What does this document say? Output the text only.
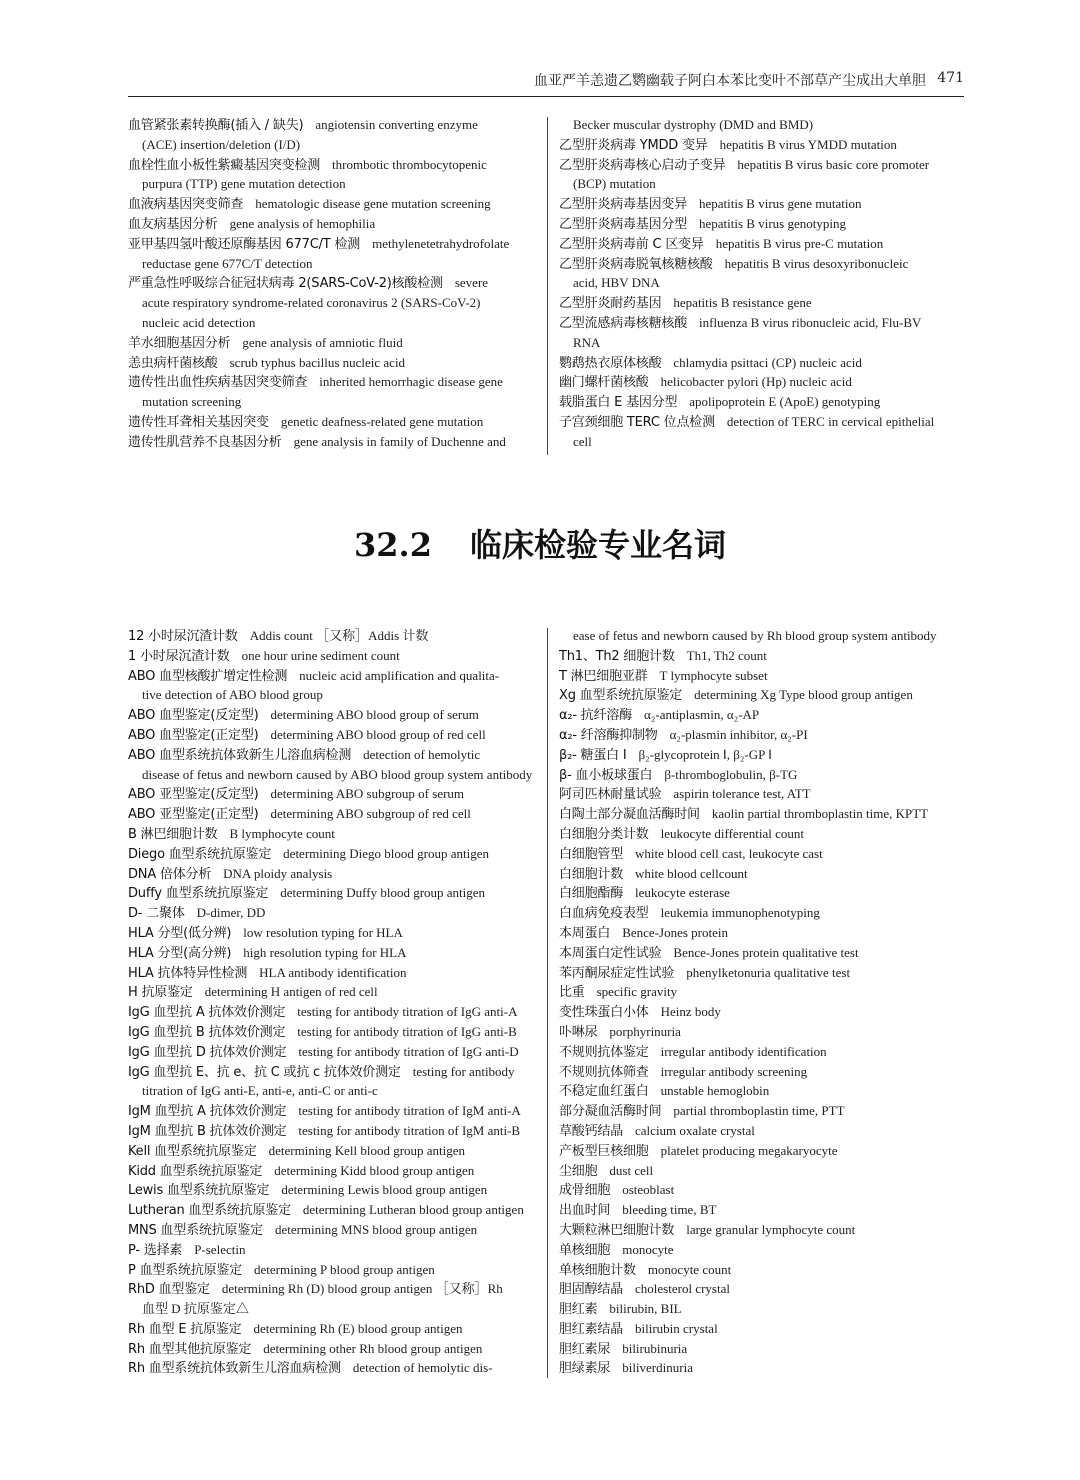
血亚严羊恙遗乙鹦幽载子阿白本苯比变叶不部草产尘成出大单胆 471
血管紧张素转换酶(插入 / 缺失) angiotensin converting enzyme
(ACE) insertion/deletion (I/D)
血栓性血小板性紫癜基因突变检测 thrombotic thrombocytopenic
purpura (TTP) gene mutation detection
血液病基因突变筛查 hematologic disease gene mutation screening
血友病基因分析 gene analysis of hemophilia
亚甲基四氢叶酸还原酶基因 677C/T 检测 methylenetetrahydrofolate
reductase gene 677C/T detection
严重急性呼吸综合征冠状病毒 2(SARS-CoV-2)核酸检测 severe
acute respiratory syndrome-related coronavirus 2 (SARS-CoV-2)
nucleic acid detection
羊水细胞基因分析 gene analysis of amniotic fluid
恙虫病杆菌核酸 scrub typhus bacillus nucleic acid
遗传性出血性疾病基因突变筛查 inherited hemorrhagic disease gene
mutation screening
遗传性耳聋相关基因突变 genetic deafness-related gene mutation
遗传性肌营养不良基因分析 gene analysis in family of Duchenne and
Becker muscular dystrophy (DMD and BMD)
乙型肝炎病毒 YMDD 变异 hepatitis B virus YMDD mutation
乙型肝炎病毒核心启动子变异 hepatitis B virus basic core promoter
(BCP) mutation
乙型肝炎病毒基因变异 hepatitis B virus gene mutation
乙型肝炎病毒基因分型 hepatitis B virus genotyping
乙型肝炎病毒前 C 区变异 hepatitis B virus pre-C mutation
乙型肝炎病毒脱氧核糖核酸 hepatitis B virus desoxyribonucleic
acid, HBV DNA
乙型肝炎耐药基因 hepatitis B resistance gene
乙型流感病毒核糖核酸 influenza B virus ribonucleic acid, Flu-BV
RNA
鹦鹉热衣原体核酸 chlamydia psittaci (CP) nucleic acid
幽门螺杆菌核酸 helicobacter pylori (Hp) nucleic acid
载脂蛋白 E 基因分型 apolipoprotein E (ApoE) genotyping
子宫颈细胞 TERC 位点检测 detection of TERC in cervical epithelial
cell
32.2 临床检验专业名词
12 小时尿沉渣计数 Addis count ［又称］Addis 计数
1 小时尿沉渣计数 one hour urine sediment count
ABO 血型核酸扩增定性检测 nucleic acid amplification and qualita-
tive detection of ABO blood group
ABO 血型鉴定(反定型) determining ABO blood group of serum
ABO 血型鉴定(正定型) determining ABO blood group of red cell
ABO 血型系统抗体致新生儿溶血病检测 detection of hemolytic
disease of fetus and newborn caused by ABO blood group system antibody
ABO 亚型鉴定(反定型) determining ABO subgroup of serum
ABO 亚型鉴定(正定型) determining ABO subgroup of red cell
B 淋巴细胞计数 B lymphocyte count
Diego 血型系统抗原鉴定 determining Diego blood group antigen
DNA 倍体分析 DNA ploidy analysis
Duffy 血型系统抗原鉴定 determining Duffy blood group antigen
D- 二聚体 D-dimer, DD
HLA 分型(低分辨) low resolution typing for HLA
HLA 分型(高分辨) high resolution typing for HLA
HLA 抗体特异性检测 HLA antibody identification
H 抗原鉴定 determining H antigen of red cell
IgG 血型抗 A 抗体效价测定 testing for antibody titration of IgG anti-A
IgG 血型抗 B 抗体效价测定 testing for antibody titration of IgG anti-B
IgG 血型抗 D 抗体效价测定 testing for antibody titration of IgG anti-D
IgG 血型抗 E、抗 e、抗 C 或抗 c 抗体效价测定 testing for antibody
titration of IgG anti-E, anti-e, anti-C or anti-c
IgM 血型抗 A 抗体效价测定 testing for antibody titration of IgM anti-A
IgM 血型抗 B 抗体效价测定 testing for antibody titration of IgM anti-B
Kell 血型系统抗原鉴定 determining Kell blood group antigen
Kidd 血型系统抗原鉴定 determining Kidd blood group antigen
Lewis 血型系统抗原鉴定 determining Lewis blood group antigen
Lutheran 血型系统抗原鉴定 determining Lutheran blood group antigen
MNS 血型系统抗原鉴定 determining MNS blood group antigen
P- 选择素 P-selectin
P 血型系统抗原鉴定 determining P blood group antigen
RhD 血型鉴定 determining Rh (D) blood group antigen ［又称］Rh
血型 D 抗原鉴定△
Rh 血型 E 抗原鉴定 determining Rh (E) blood group antigen
Rh 血型其他抗原鉴定 determining other Rh blood group antigen
Rh 血型系统抗体致新生儿溶血病检测 detection of hemolytic dis-
ease of fetus and newborn caused by Rh blood group system antibody
Th1、Th2 细胞计数 Th1, Th2 count
T 淋巴细胞亚群 T lymphocyte subset
Xg 血型系统抗原鉴定 determining Xg Type blood group antigen
α₂- 抗纤溶酶 α₂-antiplasmin, α₂-AP
α₂- 纤溶酶抑制物 α₂-plasmin inhibitor, α₂-PI
β₂- 糖蛋白 Ⅰ β₂-glycoprotein Ⅰ, β₂-GP Ⅰ
β- 血小板球蛋白 β-thromboglobulin, β-TG
阿司匹林耐量试验 aspirin tolerance test, ATT
白陶土部分凝血活酶时间 kaolin partial thromboplastin time, KPTT
白细胞分类计数 leukocyte differential count
白细胞管型 white blood cell cast, leukocyte cast
白细胞计数 white blood cellcount
白细胞酯酶 leukocyte esterase
白血病免疫表型 leukemia immunophenotyping
本周蛋白 Bence-Jones protein
本周蛋白定性试验 Bence-Jones protein qualitative test
苯丙酮尿症定性试验 phenylketonuria qualitative test
比重 specific gravity
变性珠蛋白小体 Heinz body
卟啉尿 porphyrinuria
不规则抗体鉴定 irregular antibody identification
不规则抗体筛查 irregular antibody screening
不稳定血红蛋白 unstable hemoglobin
部分凝血活酶时间 partial thromboplastin time, PTT
草酸钙结晶 calcium oxalate crystal
产板型巨核细胞 platelet producing megakaryocyte
尘细胞 dust cell
成骨细胞 osteoblast
出血时间 bleeding time, BT
大颗粒淋巴细胞计数 large granular lymphocyte count
单核细胞 monocyte
单核细胞计数 monocyte count
胆固醇结晶 cholesterol crystal
胆红素 bilirubin, BIL
胆红素结晶 bilirubin crystal
胆红素尿 bilirubinuria
胆绿素尿 biliverdinuria
